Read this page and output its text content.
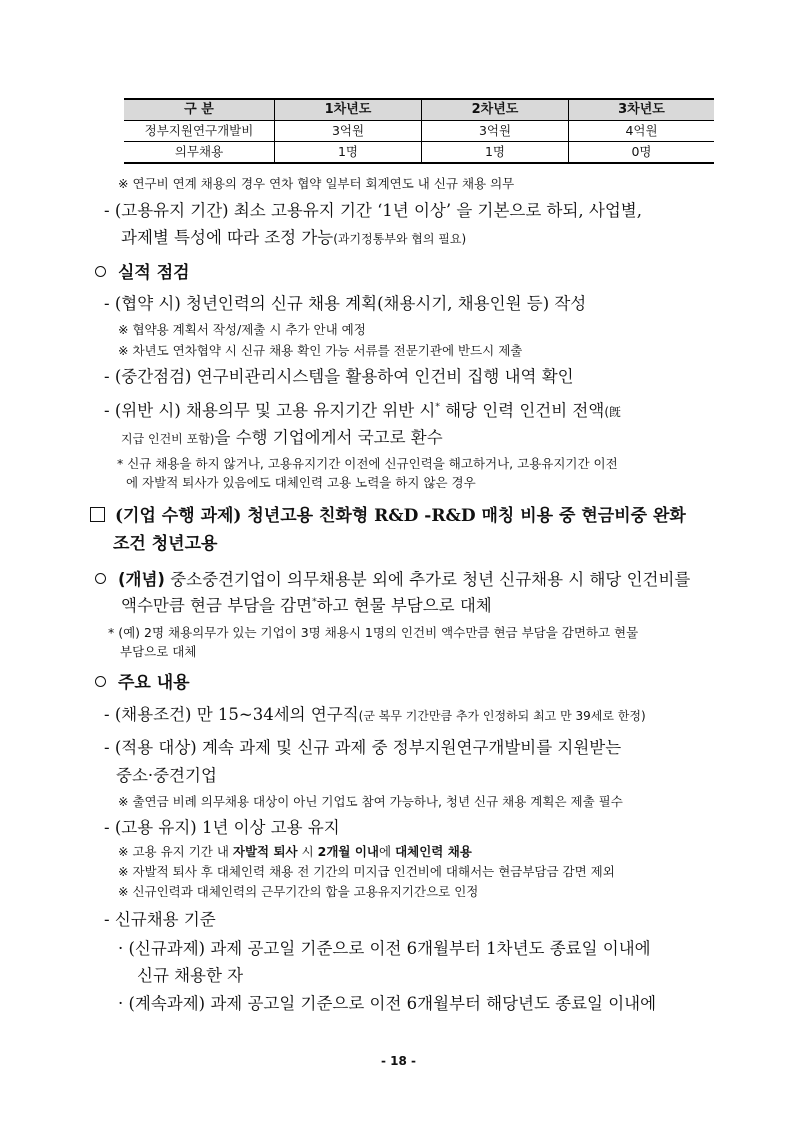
구 분	1차년도	2차년도	3차년도
정부지원연구개발비	3억원	3억원	4억원
의무채용	1명	1명	0명
※ 연구비 연계 채용의 경우 연차 협약 일부터 회계연도 내 신규 채용 의무
- (고용유지 기간) 최소 고용유지 기간 ‘1년 이상’ 을 기본으로 하되, 사업별,
과제별 특성에 따라 조정 가능(과기정통부와 협의 필요)
실적 점검
- (협약 시) 청년인력의 신규 채용 계획(채용시기, 채용인원 등) 작성
※ 협약용 계획서 작성/제출 시 추가 안내 예정
※ 차년도 연차협약 시 신규 채용 확인 가능 서류를 전문기관에 반드시 제출
- (중간점검) 연구비관리시스템을 활용하여 인건비 집행 내역 확인
- (위반 시) 채용의무 및 고용 유지기간 위반 시* 해당 인력 인건비 전액(旣
지급 인건비 포함)을 수행 기업에게서 국고로 환수
* 신규 채용을 하지 않거나, 고용유지기간 이전에 신규인력을 해고하거나, 고용유지기간 이전
에 자발적 퇴사가 있음에도 대체인력 고용 노력을 하지 않은 경우
(기업 수행 과제) 청년고용 친화형 R&D -R&D 매칭 비용 중 현금비중 완화
조건 청년고용
(개념) 중소중견기업이 의무채용분 외에 추가로 청년 신규채용 시 해당 인건비를
액수만큼 현금 부담을 감면*하고 현물 부담으로 대체
* (예) 2명 채용의무가 있는 기업이 3명 채용시 1명의 인건비 액수만큼 현금 부담을 감면하고 현물
부담으로 대체
주요 내용
- (채용조건) 만 15~34세의 연구직(군 복무 기간만큼 추가 인정하되 최고 만 39세로 한정)
- (적용 대상) 계속 과제 및 신규 과제 중 정부지원연구개발비를 지원받는
중소·중견기업
※ 출연금 비례 의무채용 대상이 아닌 기업도 참여 가능하나, 청년 신규 채용 계획은 제출 필수
- (고용 유지) 1년 이상 고용 유지
※ 고용 유지 기간 내 자발적 퇴사 시 2개월 이내에 대체인력 채용
※ 자발적 퇴사 후 대체인력 채용 전 기간의 미지급 인건비에 대해서는 현금부담금 감면 제외
※ 신규인력과 대체인력의 근무기간의 합을 고용유지기간으로 인정
- 신규채용 기준
· (신규과제) 과제 공고일 기준으로 이전 6개월부터 1차년도 종료일 이내에
신규 채용한 자
· (계속과제) 과제 공고일 기준으로 이전 6개월부터 해당년도 종료일 이내에
- 18 -
